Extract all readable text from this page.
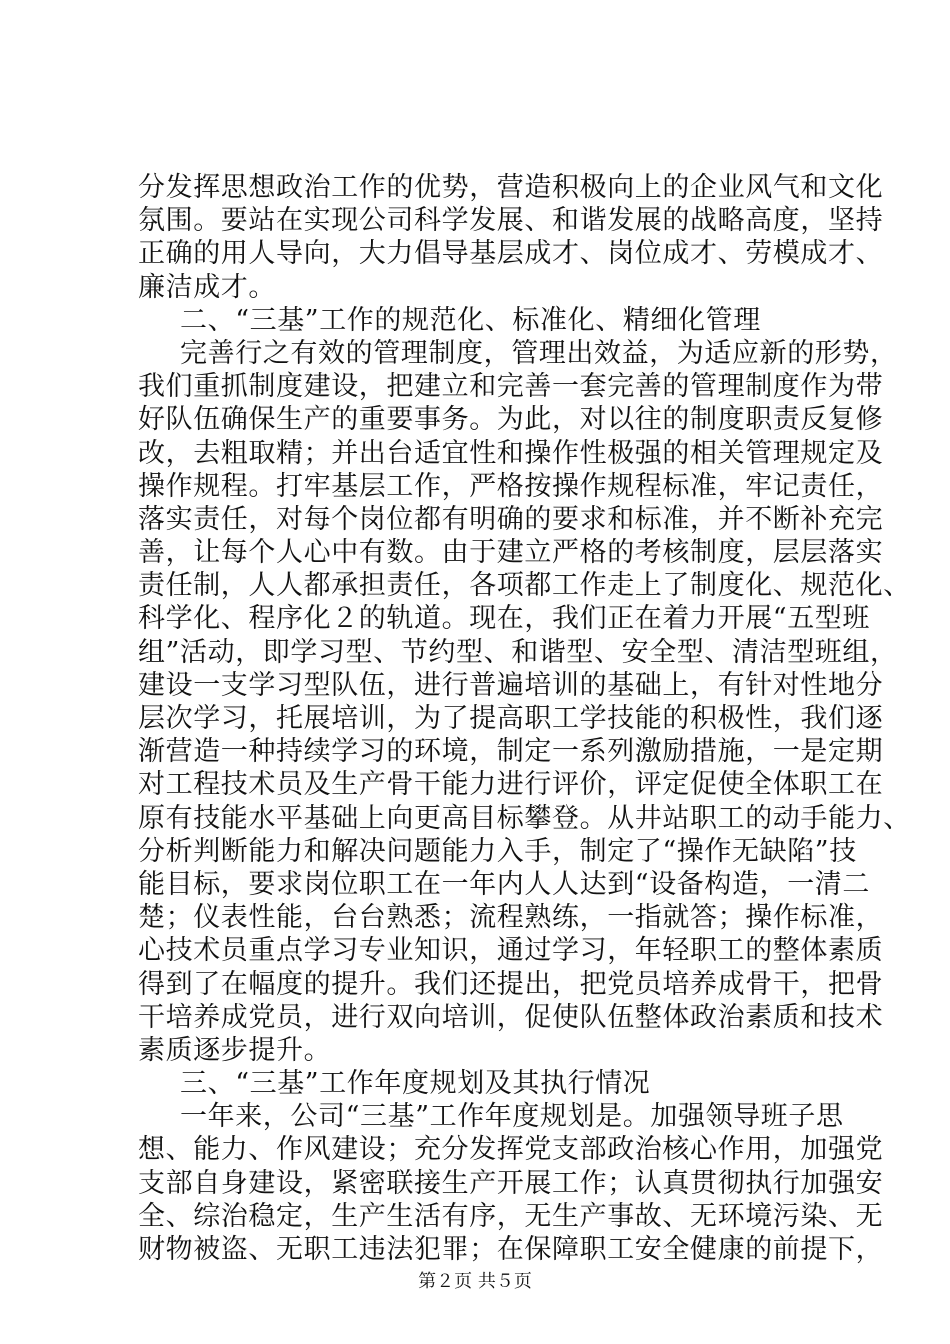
分发挥思想政治工作的优势，营造积极向上的企业风气和文化
氛围。要站在实现公司科学发展、和谐发展的战略高度，坚持
正确的用人导向，大力倡导基层成才、岗位成才、劳模成才、
廉洁成才。
二、“三基”工作的规范化、标准化、精细化管理
完善行之有效的管理制度，管理出效益，为适应新的形势，
我们重抓制度建设，把建立和完善一套完善的管理制度作为带
好队伍确保生产的重要事务。为此，对以往的制度职责反复修
改，去粗取精；并出台适宜性和操作性极强的相关管理规定及
操作规程。打牢基层工作，严格按操作规程标准，牢记责任，
落实责任，对每个岗位都有明确的要求和标准，并不断补充完
善，让每个人心中有数。由于建立严格的考核制度，层层落实
责任制，人人都承担责任，各项都工作走上了制度化、规范化、
科学化、程序化２的轨道。现在，我们正在着力开展“五型班
组”活动，即学习型、节约型、和谐型、安全型、清洁型班组，
建设一支学习型队伍，进行普遍培训的基础上，有针对性地分
层次学习，托展培训，为了提高职工学技能的积极性，我们逐
渐营造一种持续学习的环境，制定一系列激励措施，一是定期
对工程技术员及生产骨干能力进行评价，评定促使全体职工在
原有技能水平基础上向更高目标攀登。从井站职工的动手能力、
分析判断能力和解决问题能力入手，制定了“操作无缺陷”技
能目标，要求岗位职工在一年内人人达到“设备构造，一清二
楚；仪表性能，台台熟悉；流程熟练，一指就答；操作标准，
心技术员重点学习专业知识，通过学习，年轻职工的整体素质
得到了在幅度的提升。我们还提出，把党员培养成骨干，把骨
干培养成党员，进行双向培训，促使队伍整体政治素质和技术
素质逐步提升。
三、“三基”工作年度规划及其执行情况
一年来，公司“三基”工作年度规划是。加强领导班子思
想、能力、作风建设；充分发挥党支部政治核心作用，加强党
支部自身建设，紧密联接生产开展工作；认真贯彻执行加强安
全、综治稳定，生产生活有序，无生产事故、无环境污染、无
财物被盗、无职工违法犯罪；在保障职工安全健康的前提下，
第２页 共５页
